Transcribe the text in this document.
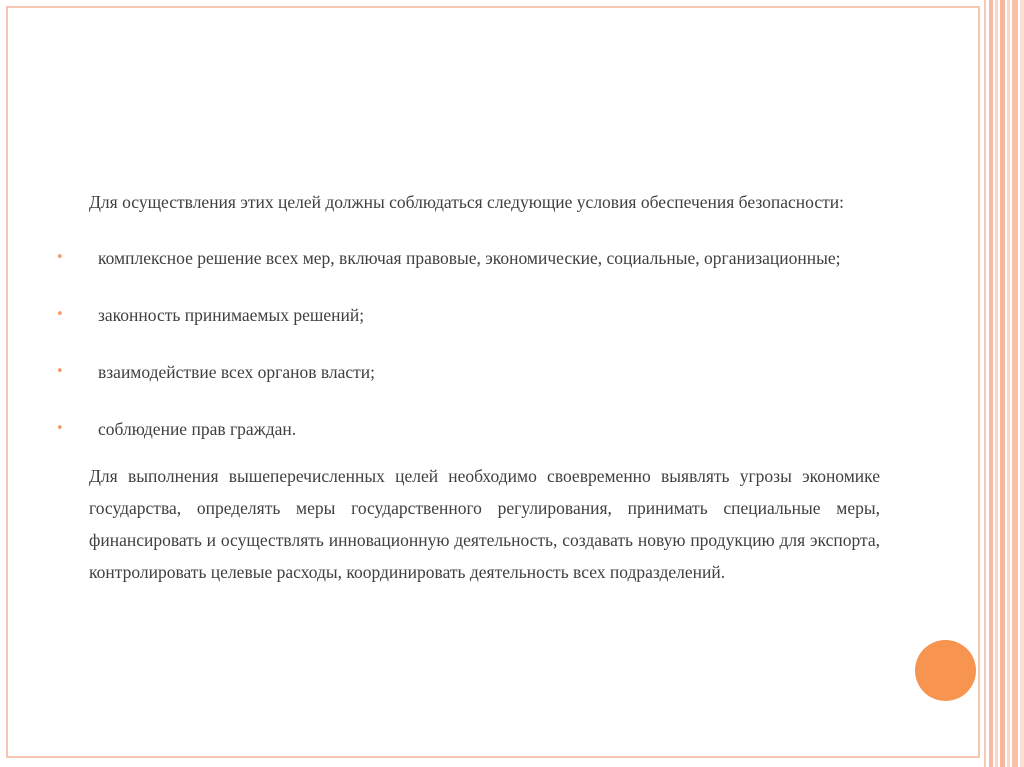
Для осуществления этих целей должны соблюдаться следующие условия обеспечения безопасности:

• комплексное решение всех мер, включая правовые, экономические, социальные, организационные;
• законность принимаемых решений;
• взаимодействие всех органов власти;
• соблюдение прав граждан.

Для выполнения вышеперечисленных целей необходимо своевременно выявлять угрозы экономике государства, определять меры государственного регулирования, принимать специальные меры, финансировать и осуществлять инновационную деятельность, создавать новую продукцию для экспорта, контролировать целевые расходы, координировать деятельность всех подразделений.
